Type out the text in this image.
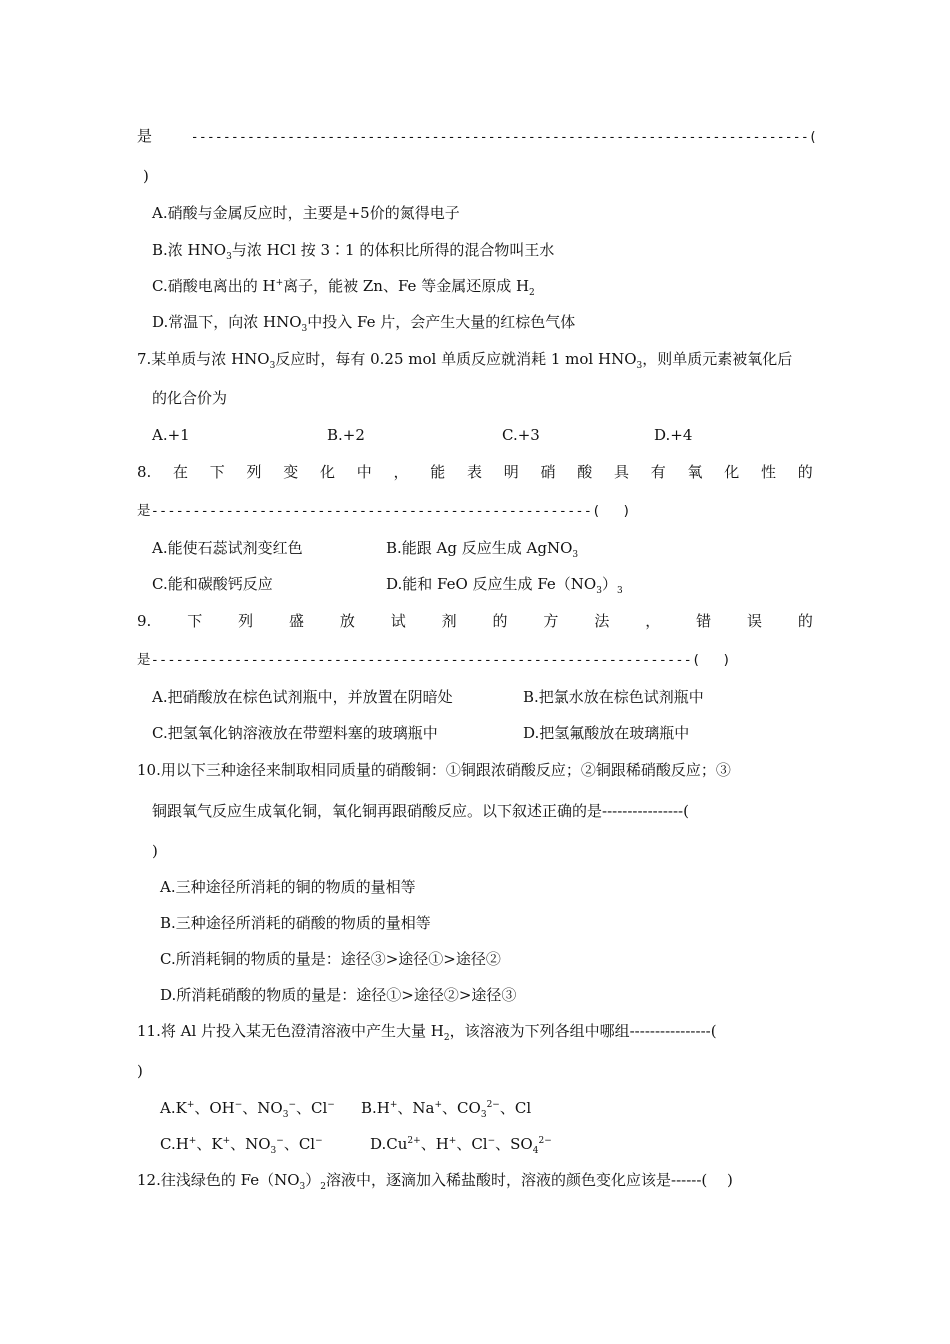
是	-----------------------------------------------------------------------------(
)
A.硝酸与金属反应时，主要是+5价的氮得电子
B.浓 $HNO_3$与浓 HCl 按 3∶1 的体积比所得的混合物叫王水
C.硝酸电离出的 H+离子，能被 Zn、Fe 等金属还原成 $H_2$
D.常温下，向浓 $HNO_3$中投入 Fe 片，会产生大量的红棕色气体
7.某单质与浓 $HNO_3$反应时，每有 0.25 mol 单质反应就消耗 1 mol $HNO_3$，则单质元素被氧化后
的化合价为
A.+1	B.+2	C.+3	D.+4
8. 在 下 列 变 化 中 ， 能 表 明 硝 酸 具 有 氧 化 性 的
是-----------------------------------------------------(　 )
A.能使石蕊试剂变红色	B.能跟 Ag 反应生成 AgNO$_3$
C.能和碳酸钙反应	D.能和 FeO 反应生成 $Fe(NO_3)_3$
9. 下 列 盛 放 试 剂 的 方 法 ， 错 误 的
是-----------------------------------------------------------------(　 )
A.把硝酸放在棕色试剂瓶中，并放置在阴暗处	B.把氯水放在棕色试剂瓶中
C.把氢氧化钠溶液放在带塑料塞的玻璃瓶中	D.把氢氟酸放在玻璃瓶中
10.用以下三种途径来制取相同质量的硝酸铜：①铜跟浓硝酸反应；②铜跟稀硝酸反应；③
铜跟氧气反应生成氧化铜，氧化铜再跟硝酸反应。以下叙述正确的是----------------(
)
A.三种途径所消耗的铜的物质的量相等
B.三种途径所消耗的硝酸的物质的量相等
C.所消耗铜的物质的量是：途径③>途径①>途径②
D.所消耗硝酸的物质的量是：途径①>途径②>途径③
11.将 Al 片投入某无色澄清溶液中产生大量 $H_2$，该溶液为下列各组中哪组----------------(
)
A.K+、OH−、$NO_3^-$、Cl− B.H+、Na+、$CO_3^{2-}$、Cl
C.H+、K+、$NO_3^-$、Cl−	$D.Cu^{2+}$、H+、Cl−、$SO_4^{2-}$
12.往浅绿色的 $Fe(NO_3)_2$溶液中，逐滴加入稀盐酸时，溶液的颜色变化应该是------(　 )
